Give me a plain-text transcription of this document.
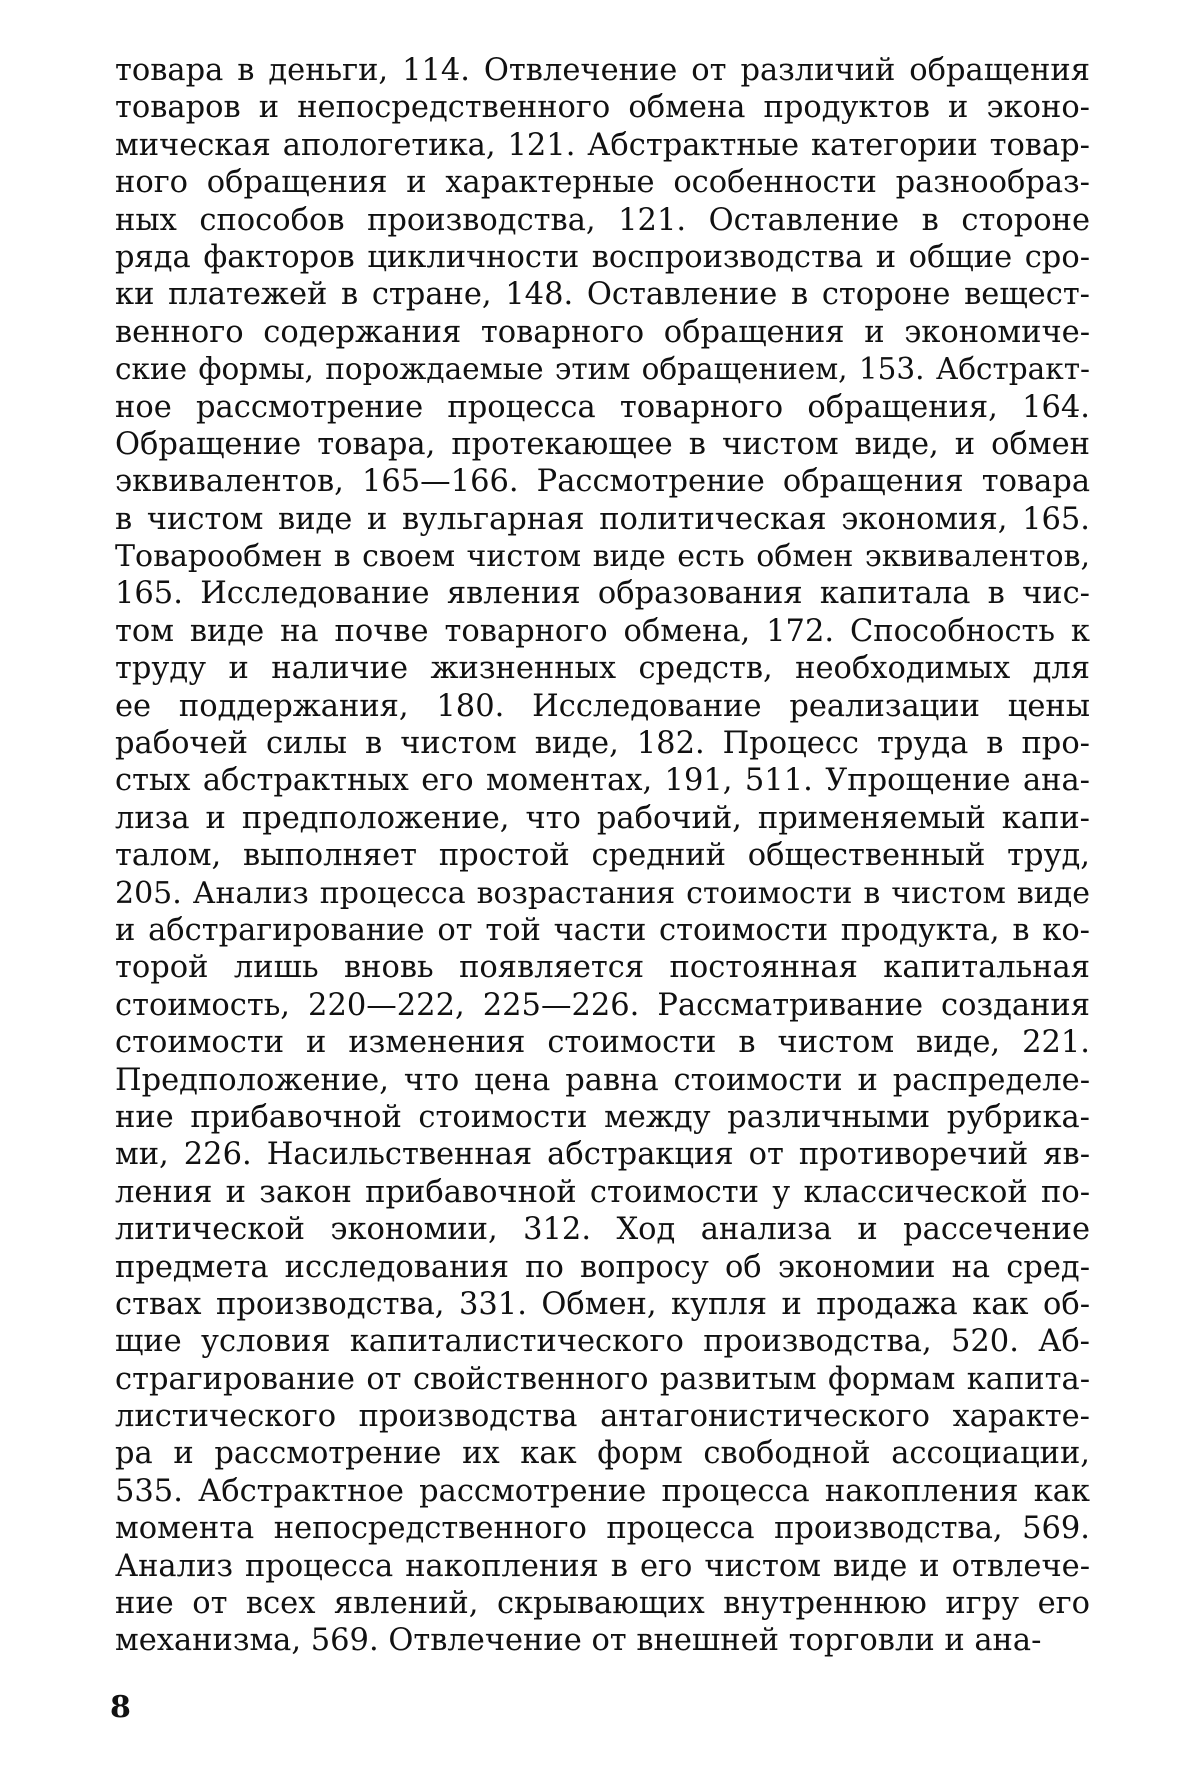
товара в деньги, 114. Отвлечение от различий обращения
товаров и непосредственного обмена продуктов и эконо-
мическая апологетика, 121. Абстрактные категории товар-
ного обращения и характерные особенности разнообраз-
ных способов производства, 121. Оставление в стороне
ряда факторов цикличности воспроизводства и общие сро-
ки платежей в стране, 148. Оставление в стороне вещест-
венного содержания товарного обращения и экономиче-
ские формы, порождаемые этим обращением, 153. Абстракт-
ное рассмотрение процесса товарного обращения, 164.
Обращение товара, протекающее в чистом виде, и обмен
эквивалентов, 165—166. Рассмотрение обращения товара
в чистом виде и вульгарная политическая экономия, 165.
Товарообмен в своем чистом виде есть обмен эквивалентов,
165. Исследование явления образования капитала в чис-
том виде на почве товарного обмена, 172. Способность к
труду и наличие жизненных средств, необходимых для
ее поддержания, 180. Исследование реализации цены
рабочей силы в чистом виде, 182. Процесс труда в про-
стых абстрактных его моментах, 191, 511. Упрощение ана-
лиза и предположение, что рабочий, применяемый капи-
талом, выполняет простой средний общественный труд,
205. Анализ процесса возрастания стоимости в чистом виде
и абстрагирование от той части стоимости продукта, в ко-
торой лишь вновь появляется постоянная капитальная
стоимость, 220—222, 225—226. Рассматривание создания
стоимости и изменения стоимости в чистом виде, 221.
Предположение, что цена равна стоимости и распределе-
ние прибавочной стоимости между различными рубрика-
ми, 226. Насильственная абстракция от противоречий яв-
ления и закон прибавочной стоимости у классической по-
литической экономии, 312. Ход анализа и рассечение
предмета исследования по вопросу об экономии на сред-
ствах производства, 331. Обмен, купля и продажа как об-
щие условия капиталистического производства, 520. Аб-
страгирование от свойственного развитым формам капита-
листического производства антагонистического характе-
ра и рассмотрение их как форм свободной ассоциации,
535. Абстрактное рассмотрение процесса накопления как
момента непосредственного процесса производства, 569.
Анализ процесса накопления в его чистом виде и отвлече-
ние от всех явлений, скрывающих внутреннюю игру его
механизма, 569. Отвлечение от внешней торговли и ана-
8
